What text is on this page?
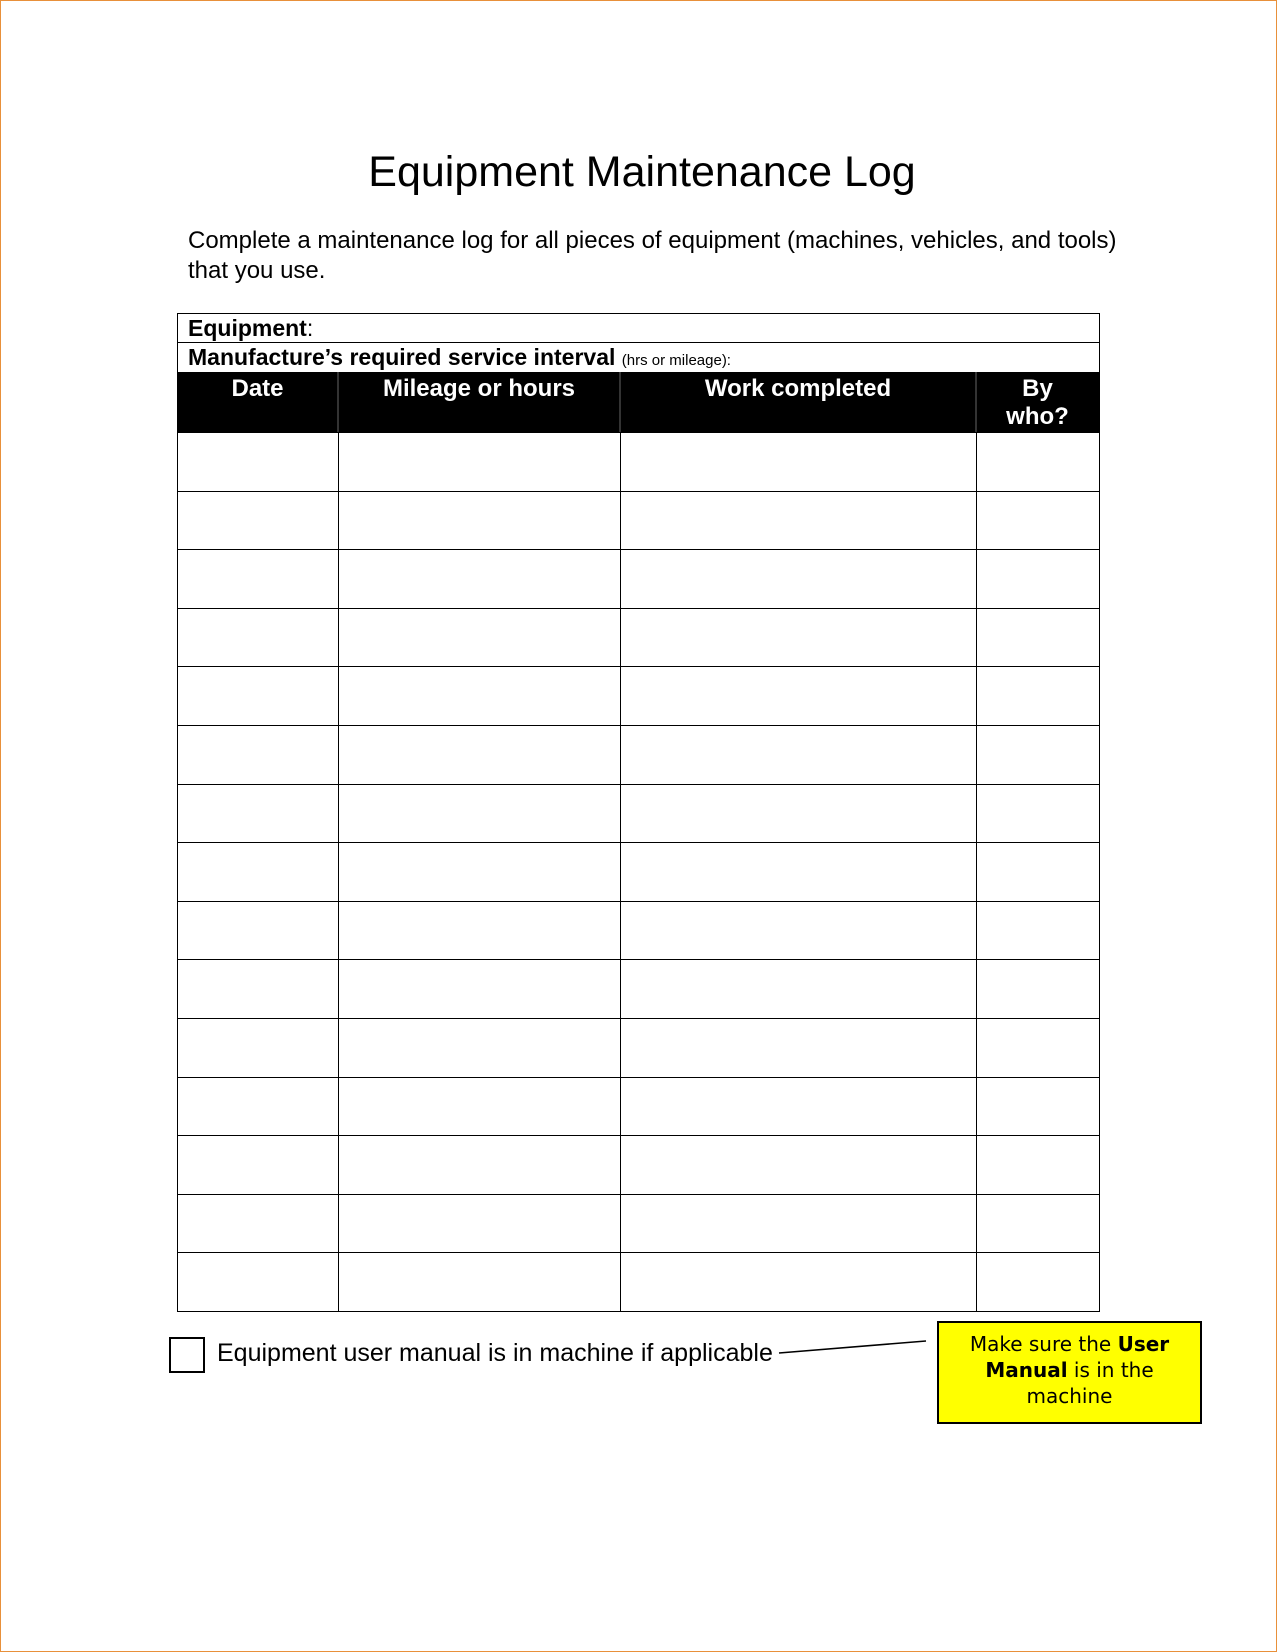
Equipment Maintenance Log

Complete a maintenance log for all pieces of equipment (machines, vehicles, and tools) that you use.

Equipment:
Manufacture’s required service interval (hrs or mileage):
Date	Mileage or hours	Work completed	By who?
Equipment user manual is in machine if applicable	Make sure the User
Manual is in the
machine
